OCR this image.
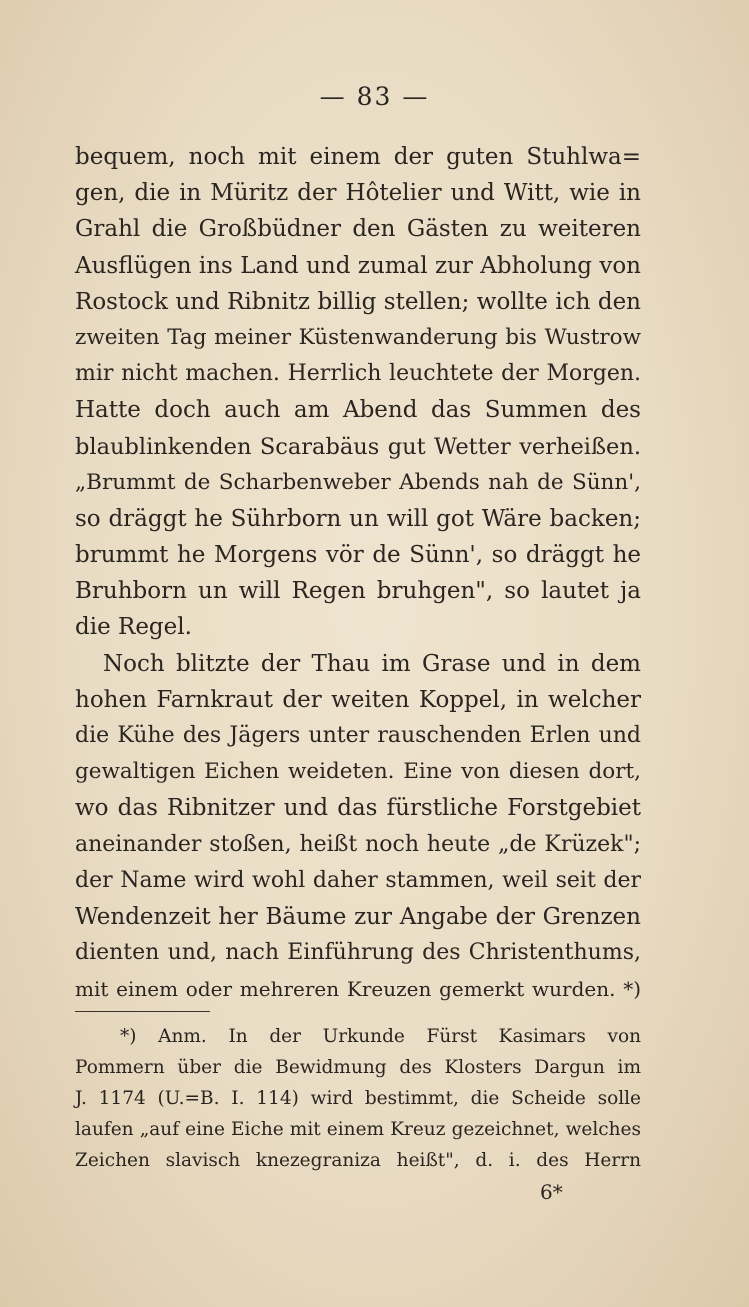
— 83 —
bequem, noch mit einem der guten Stuhlwa=
gen, die in Müritz der Hôtelier und Witt, wie in
Grahl die Großbüdner den Gästen zu weiteren
Ausflügen ins Land und zumal zur Abholung von
Rostock und Ribnitz billig stellen; wollte ich den
zweiten Tag meiner Küstenwanderung bis Wustrow
mir nicht machen. Herrlich leuchtete der Morgen.
Hatte doch auch am Abend das Summen des
blaublinkenden Scarabäus gut Wetter verheißen.
„Brummt de Scharbenweber Abends nah de Sünn',
so dräggt he Sührborn un will got Wäre backen;
brummt he Morgens vör de Sünn', so dräggt he
Bruhborn un will Regen bruhgen", so lautet ja
die Regel.
Noch blitzte der Thau im Grase und in dem
hohen Farnkraut der weiten Koppel, in welcher
die Kühe des Jägers unter rauschenden Erlen und
gewaltigen Eichen weideten. Eine von diesen dort,
wo das Ribnitzer und das fürstliche Forstgebiet
aneinander stoßen, heißt noch heute „de Krüzek";
der Name wird wohl daher stammen, weil seit der
Wendenzeit her Bäume zur Angabe der Grenzen
dienten und, nach Einführung des Christenthums,
mit einem oder mehreren Kreuzen gemerkt wurden. *)
*) Anm. In der Urkunde Fürst Kasimars von
Pommern über die Bewidmung des Klosters Dargun im
J. 1174 (U.=B. I. 114) wird bestimmt, die Scheide solle
laufen „auf eine Eiche mit einem Kreuz gezeichnet, welches
Zeichen slavisch knezegraniza heißt", d. i. des Herrn
6*
